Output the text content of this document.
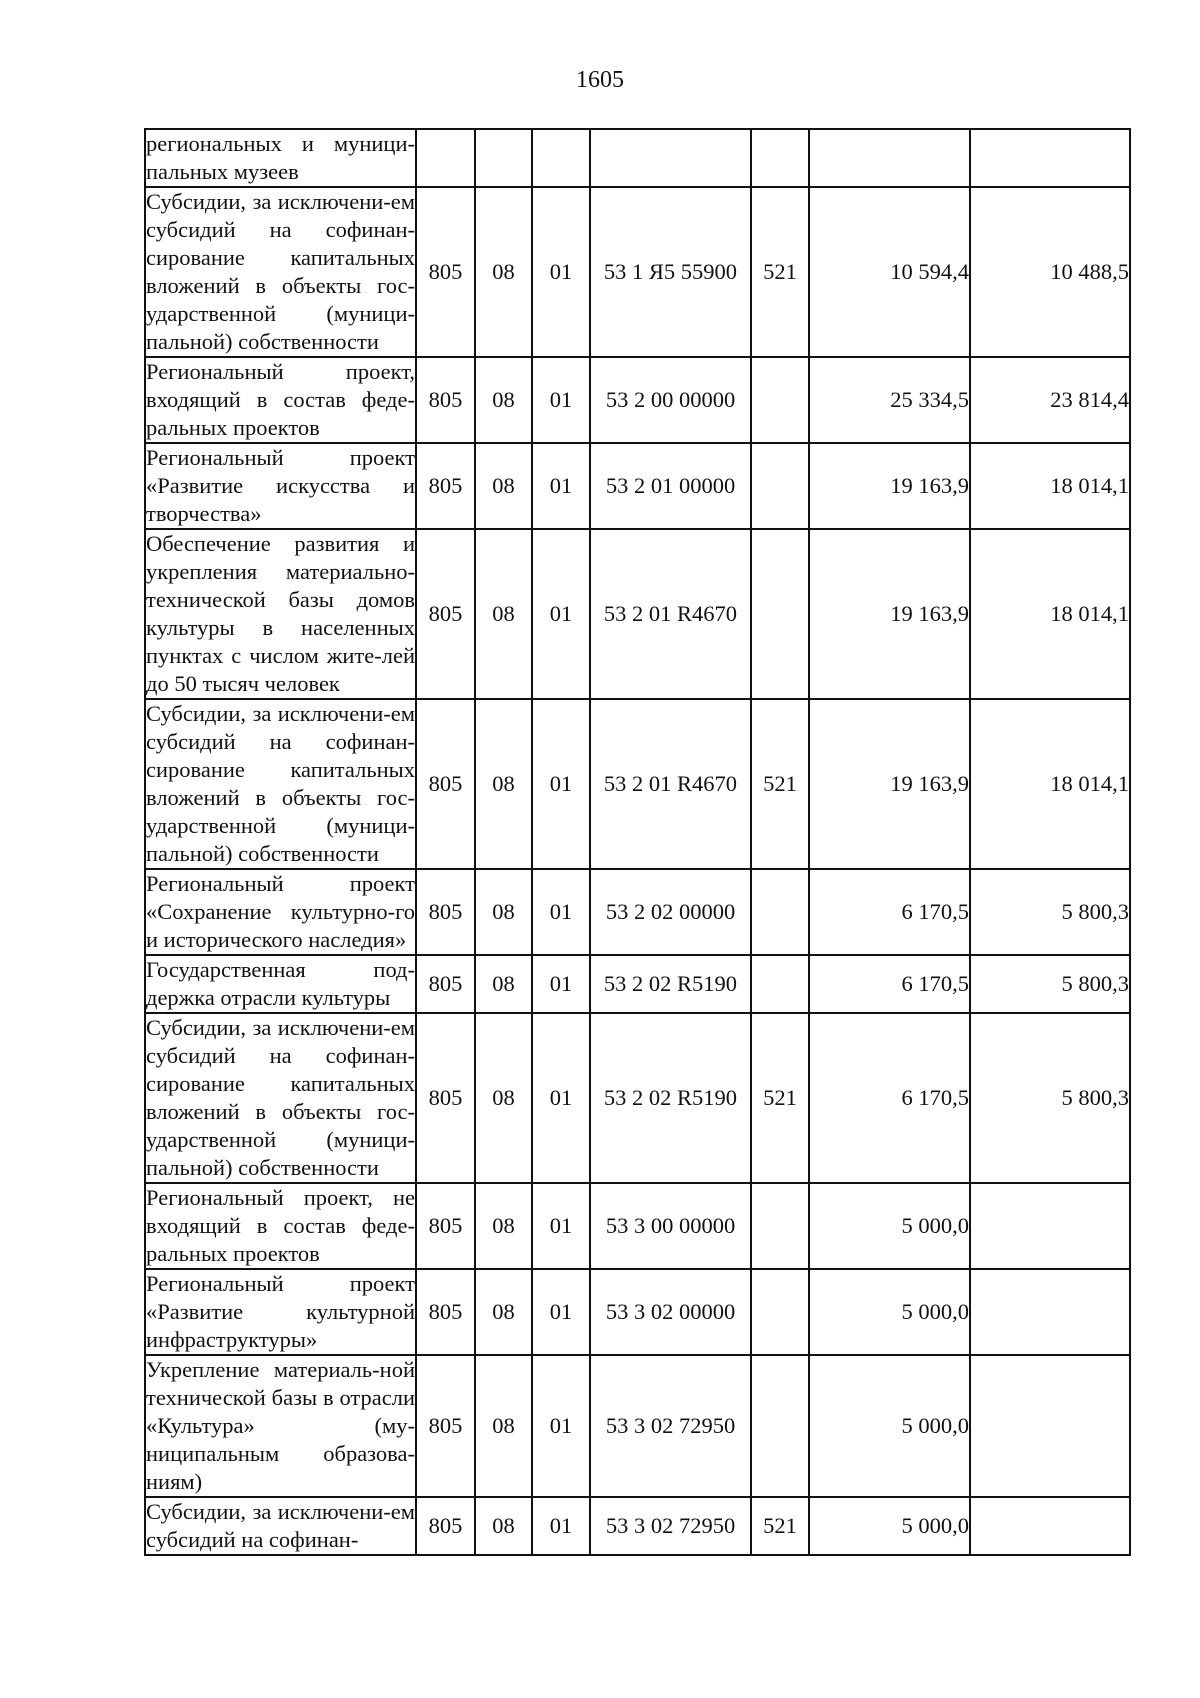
1605
региональных и муници-пальных музеев							
Субсидии, за исключени-ем субсидий на софинан-сирование капитальных вложений в объекты гос-ударственной (муници-пальной) собственности	805	08	01	53 1 Я5 55900	521	10 594,4	10 488,5
Региональный проект, входящий в состав феде-ральных проектов	805	08	01	53 2 00 00000		25 334,5	23 814,4
Региональный проект «Развитие искусства и творчества»	805	08	01	53 2 01 00000		19 163,9	18 014,1
Обеспечение развития и укрепления материально-технической базы домов культуры в населенных пунктах с числом жите-лей до 50 тысяч человек	805	08	01	53 2 01 R4670		19 163,9	18 014,1
Субсидии, за исключени-ем субсидий на софинан-сирование капитальных вложений в объекты гос-ударственной (муници-пальной) собственности	805	08	01	53 2 01 R4670	521	19 163,9	18 014,1
Региональный проект «Сохранение культурно-го и исторического наследия»	805	08	01	53 2 02 00000		6 170,5	5 800,3
Государственная под-держка отрасли культуры	805	08	01	53 2 02 R5190		6 170,5	5 800,3
Субсидии, за исключени-ем субсидий на софинан-сирование капитальных вложений в объекты гос-ударственной (муници-пальной) собственности	805	08	01	53 2 02 R5190	521	6 170,5	5 800,3
Региональный проект, не входящий в состав феде-ральных проектов	805	08	01	53 3 00 00000		5 000,0	
Региональный проект «Развитие культурной инфраструктуры»	805	08	01	53 3 02 00000		5 000,0	
Укрепление материаль-ной технической базы в отрасли «Культура» (му-ниципальным образова-ниям)	805	08	01	53 3 02 72950		5 000,0	
Субсидии, за исключени-ем субсидий на софинан-	805	08	01	53 3 02 72950	521	5 000,0	
